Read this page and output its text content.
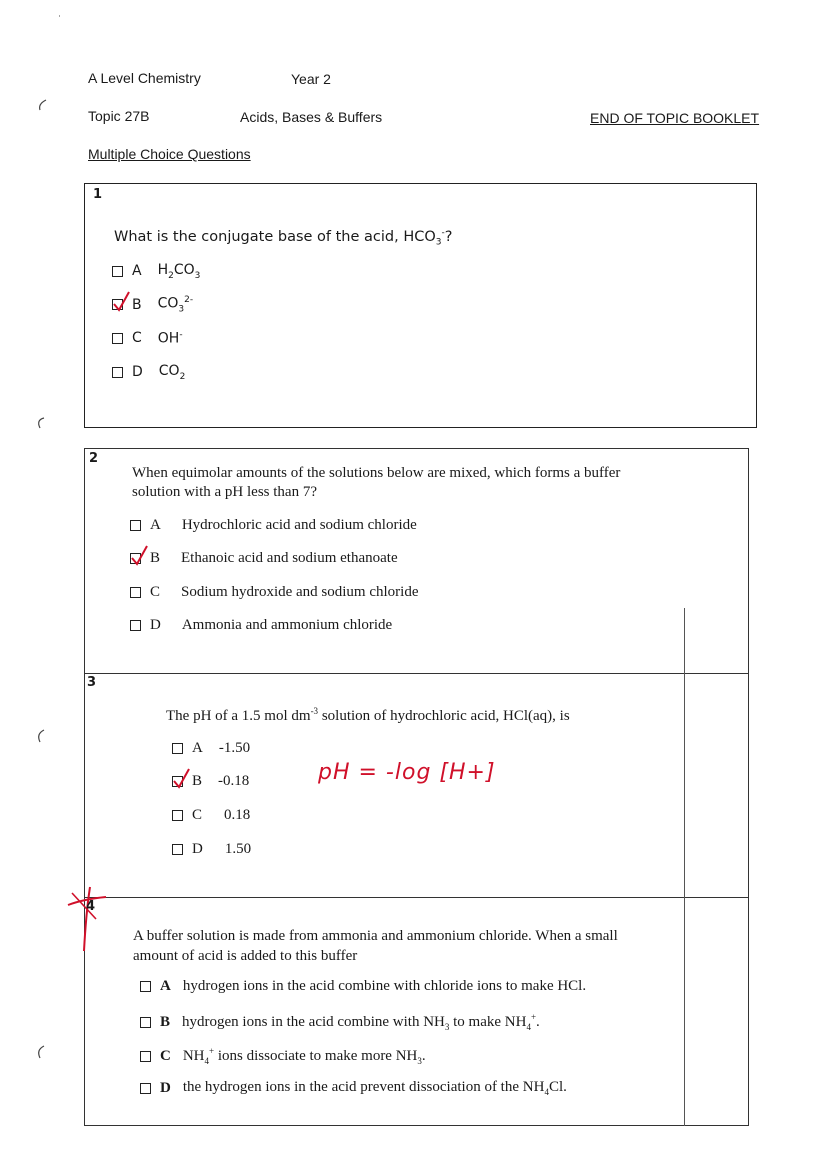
A Level Chemistry	Year 2
Topic 27B	Acids, Bases & Buffers	END OF TOPIC BOOKLET
Multiple Choice Questions
1
What is the conjugate base of the acid, $HCO_3^-$?
A $H_2CO_3$
B $CO_3^{2-}$
C OH-
D $CO_2$
2
When equimolar amounts of the solutions below are mixed, which forms a buffer
solution with a pH less than 7?
A Hydrochloric acid and sodium chloride
B Ethanoic acid and sodium ethanoate
C Sodium hydroxide and sodium chloride
D Ammonia and ammonium chloride
3
The pH of a 1.5 mol $dm^{-3}$ solution of hydrochloric acid, HCl(aq), is
A -1.50
B -0.18
C 0.18
D 1.50
pH = -log [H+]
4
A buffer solution is made from ammonia and ammonium chloride. When a small
amount of acid is added to this buffer
A hydrogen ions in the acid combine with chloride ions to make HCl.
B hydrogen ions in the acid combine with $NH_3$ to make $NH_4^+$.
C $NH_4^+$ ions dissociate to make more $NH_3$.
D the hydrogen ions in the acid prevent dissociation of the $NH_4Cl$.
